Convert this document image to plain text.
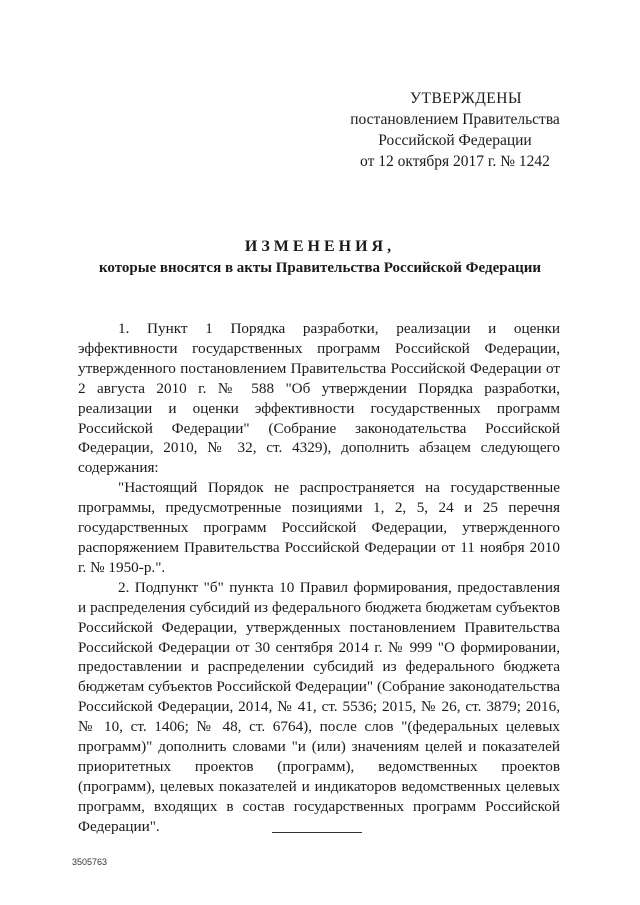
УТВЕРЖДЕНЫ
постановлением Правительства
Российской Федерации
от 12 октября 2017 г. № 1242
ИЗМЕНЕНИЯ,
которые вносятся в акты Правительства Российской Федерации

1. Пункт 1 Порядка разработки, реализации и оценки эффективности государственных программ Российской Федерации, утвержденного постановлением Правительства Российской Федерации от 2 августа 2010 г. № 588 "Об утверждении Порядка разработки, реализации и оценки эффективности государственных программ Российской Федерации" (Собрание законодательства Российской Федерации, 2010, № 32, ст. 4329), дополнить абзацем следующего содержания:

"Настоящий Порядок не распространяется на государственные программы, предусмотренные позициями 1, 2, 5, 24 и 25 перечня государственных программ Российской Федерации, утвержденного распоряжением Правительства Российской Федерации от 11 ноября 2010 г. № 1950-р.".

2. Подпункт "б" пункта 10 Правил формирования, предоставления и распределения субсидий из федерального бюджета бюджетам субъектов Российской Федерации, утвержденных постановлением Правительства Российской Федерации от 30 сентября 2014 г. № 999 "О формировании, предоставлении и распределении субсидий из федерального бюджета бюджетам субъектов Российской Федерации" (Собрание законодательства Российской Федерации, 2014, № 41, ст. 5536; 2015, № 26, ст. 3879; 2016, № 10, ст. 1406; № 48, ст. 6764), после слов "(федеральных целевых программ)" дополнить словами "и (или) значениям целей и показателей приоритетных проектов (программ), ведомственных проектов (программ), целевых показателей и индикаторов ведомственных целевых программ, входящих в состав государственных программ Российской Федерации".

3505763
